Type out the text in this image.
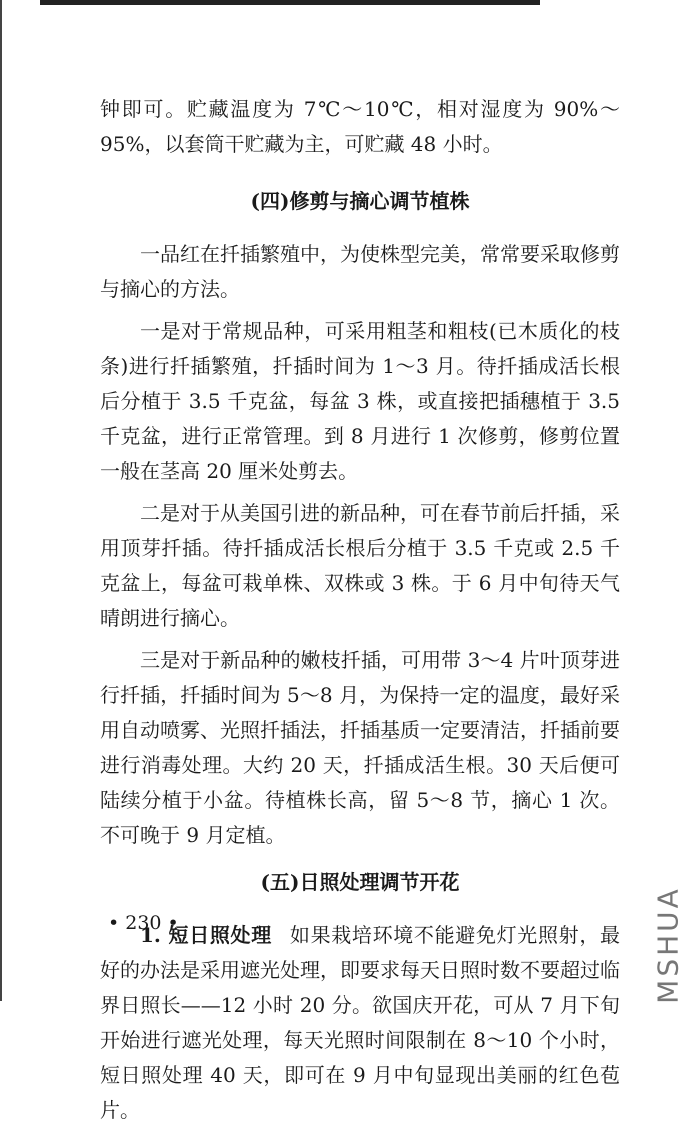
钟即可。贮藏温度为 7℃～10℃，相对湿度为 90%～95%，以套筒干贮藏为主，可贮藏 48 小时。

(四)修剪与摘心调节植株

一品红在扦插繁殖中，为使株型完美，常常要采取修剪与摘心的方法。

一是对于常规品种，可采用粗茎和粗枝(已木质化的枝条)进行扦插繁殖，扦插时间为 1～3 月。待扦插成活长根后分植于 3.5 千克盆，每盆 3 株，或直接把插穗植于 3.5 千克盆，进行正常管理。到 8 月进行 1 次修剪，修剪位置一般在茎高 20 厘米处剪去。

二是对于从美国引进的新品种，可在春节前后扦插，采用顶芽扦插。待扦插成活长根后分植于 3.5 千克或 2.5 千克盆上，每盆可栽单株、双株或 3 株。于 6 月中旬待天气晴朗进行摘心。

三是对于新品种的嫩枝扦插，可用带 3～4 片叶顶芽进行扦插，扦插时间为 5～8 月，为保持一定的温度，最好采用自动喷雾、光照扦插法，扦插基质一定要清洁，扦插前要进行消毒处理。大约 20 天，扦插成活生根。30 天后便可陆续分植于小盆。待植株长高，留 5～8 节，摘心 1 次。不可晚于 9 月定植。

(五)日照处理调节开花

1. 短日照处理 如果栽培环境不能避免灯光照射，最好的办法是采用遮光处理，即要求每天日照时数不要超过临界日照长——12 小时 20 分。欲国庆开花，可从 7 月下旬开始进行遮光处理，每天光照时间限制在 8～10 个小时，短日照处理 40 天，即可在 9 月中旬显现出美丽的红色苞片。

• 230 •	MSHUA
